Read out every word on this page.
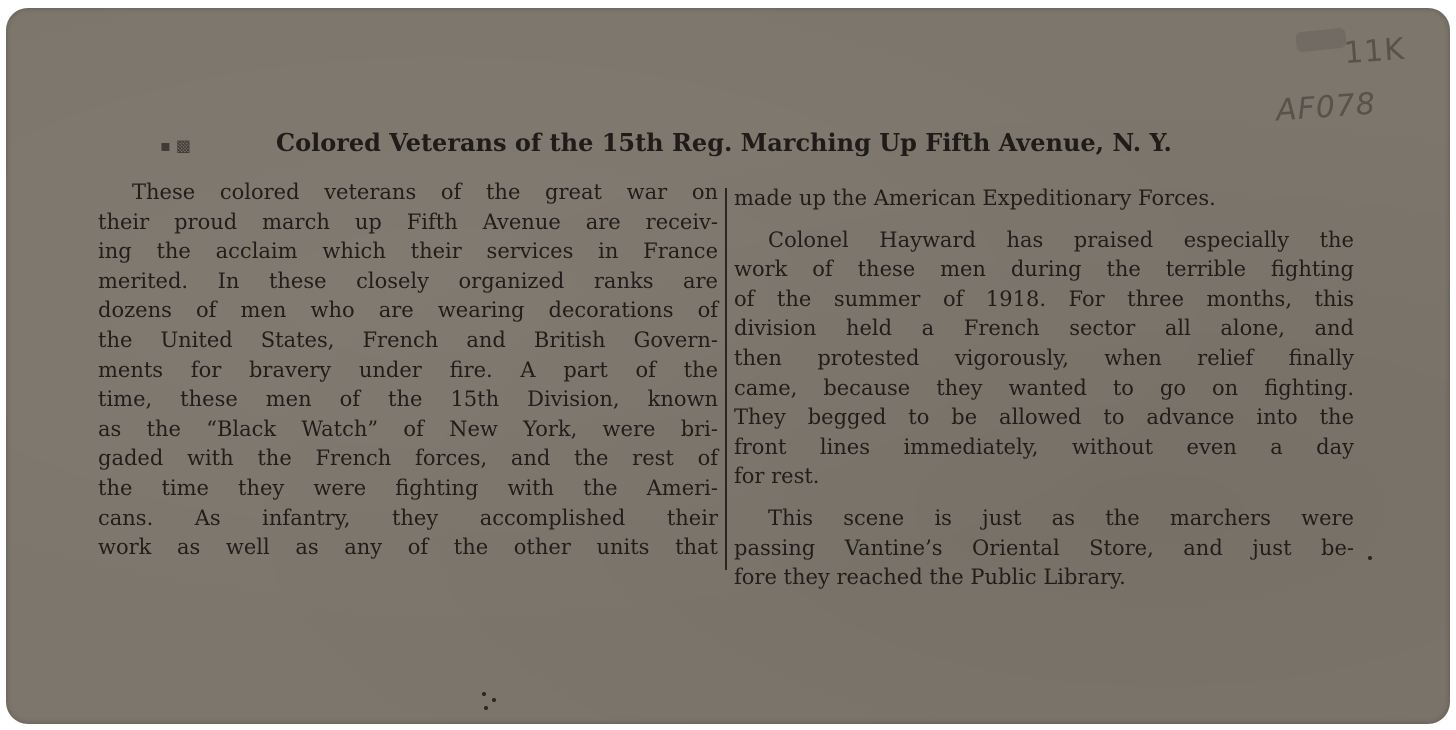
11K
AF078
▪ ▩	Colored Veterans of the 15th Reg. Marching Up Fifth Avenue, N. Y.
These colored veterans of the great war on
their proud march up Fifth Avenue are receiv-
ing the acclaim which their services in France
merited. In these closely organized ranks are
dozens of men who are wearing decorations of
the United States, French and British Govern-
ments for bravery under fire. A part of the
time, these men of the 15th Division, known
as the “Black Watch” of New York, were bri-
gaded with the French forces, and the rest of
the time they were fighting with the Ameri-
cans. As infantry, they accomplished their
work as well as any of the other units that
made up the American Expeditionary Forces.
Colonel Hayward has praised especially the
work of these men during the terrible fighting
of the summer of 1918. For three months, this
division held a French sector all alone, and
then protested vigorously, when relief finally
came, because they wanted to go on fighting.
They begged to be allowed to advance into the
front lines immediately, without even a day
for rest.
This scene is just as the marchers were
passing Vantine’s Oriental Store, and just be-
fore they reached the Public Library.
